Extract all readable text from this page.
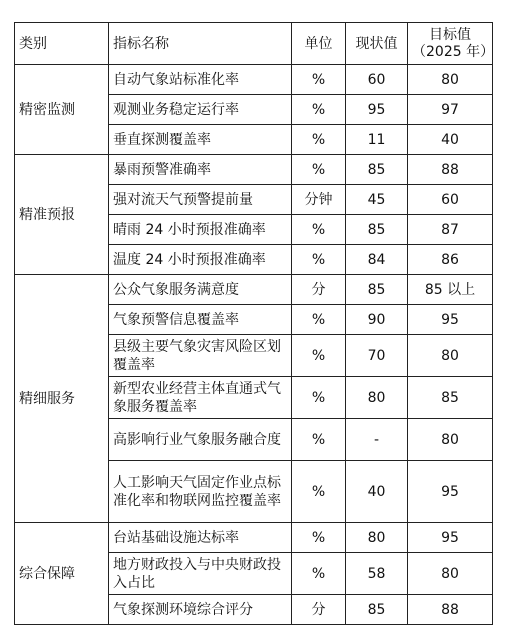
类别	指标名称	单位	现状值	目标值
（2025 年）

精密监测	自动气象站标准化率	%	60	80
	观测业务稳定运行率	%	95	97
	垂直探测覆盖率	%	11	40
精准预报	暴雨预警准确率	%	85	88
	强对流天气预警提前量	分钟	45	60
	晴雨 24 小时预报准确率	%	85	87
	温度 24 小时预报准确率	%	84	86
精细服务	公众气象服务满意度	分	85	85 以上
	气象预警信息覆盖率	%	90	95
	县级主要气象灾害风险区划覆盖率	%	70	80
	新型农业经营主体直通式气象服务覆盖率	%	80	85
	高影响行业气象服务融合度	%	-	80
	人工影响天气固定作业点标准化率和物联网监控覆盖率	%	40	95
综合保障	台站基础设施达标率	%	80	95
	地方财政投入与中央财政投入占比	%	58	80
	气象探测环境综合评分	分	85	88
